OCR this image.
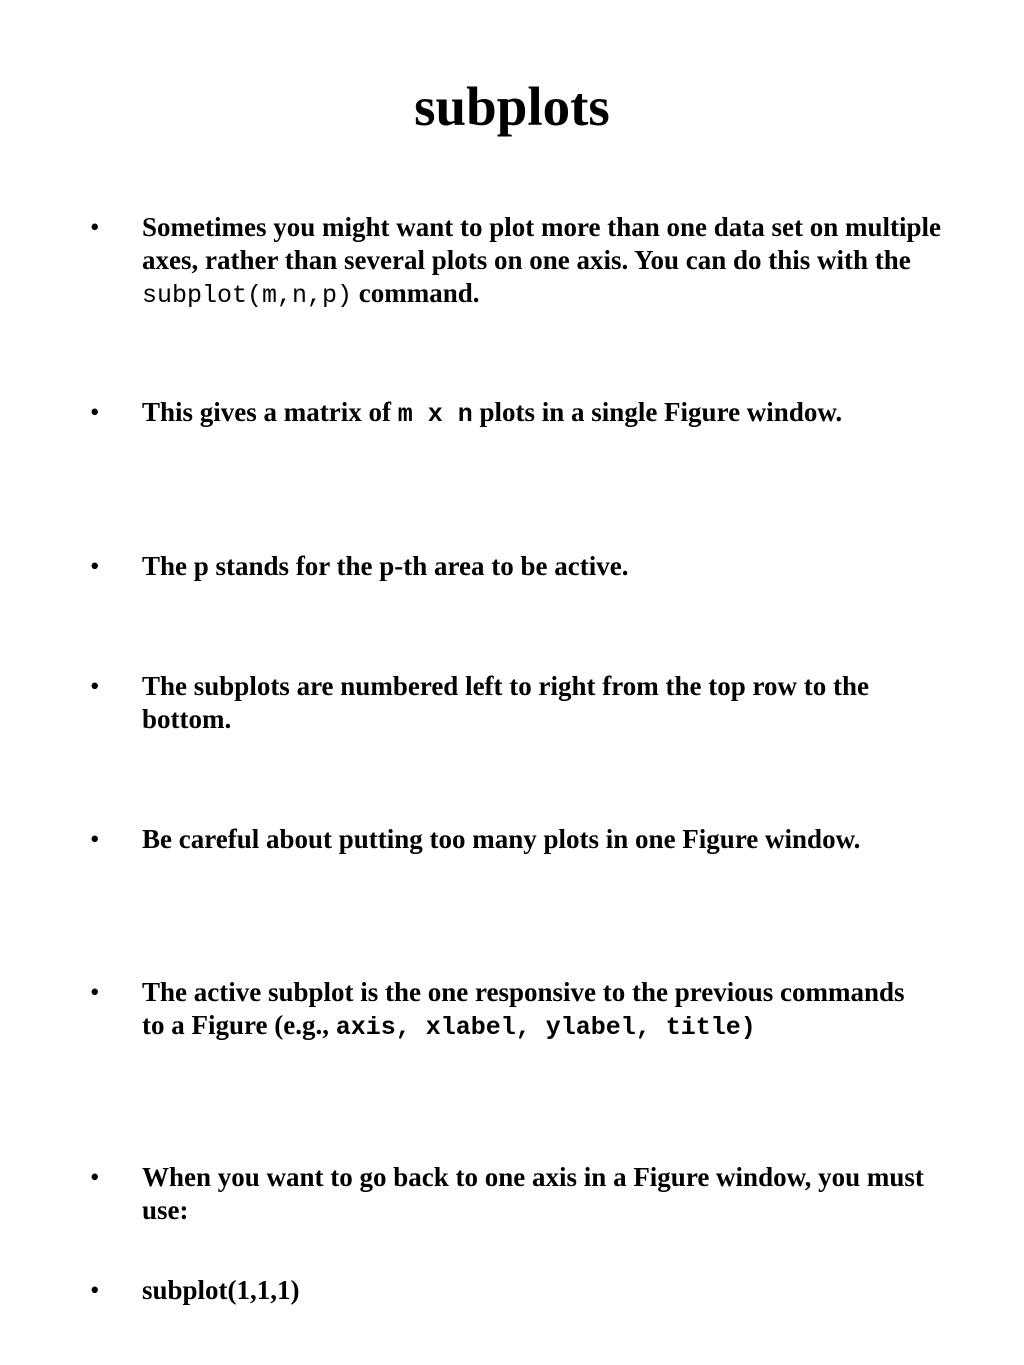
subplots
• Sometimes you might want to plot more than one data set on multiple axes, rather than several plots on one axis. You can do this with the subplot(m,n,p) command.
• This gives a matrix of m x n plots in a single Figure window.
• The p stands for the p-th area to be active.
• The subplots are numbered left to right from the top row to the bottom.
• Be careful about putting too many plots in one Figure window.
• The active subplot is the one responsive to the previous commands to a Figure (e.g., axis, xlabel, ylabel, title)
• When you want to go back to one axis in a Figure window, you must use:
• subplot(1,1,1)
